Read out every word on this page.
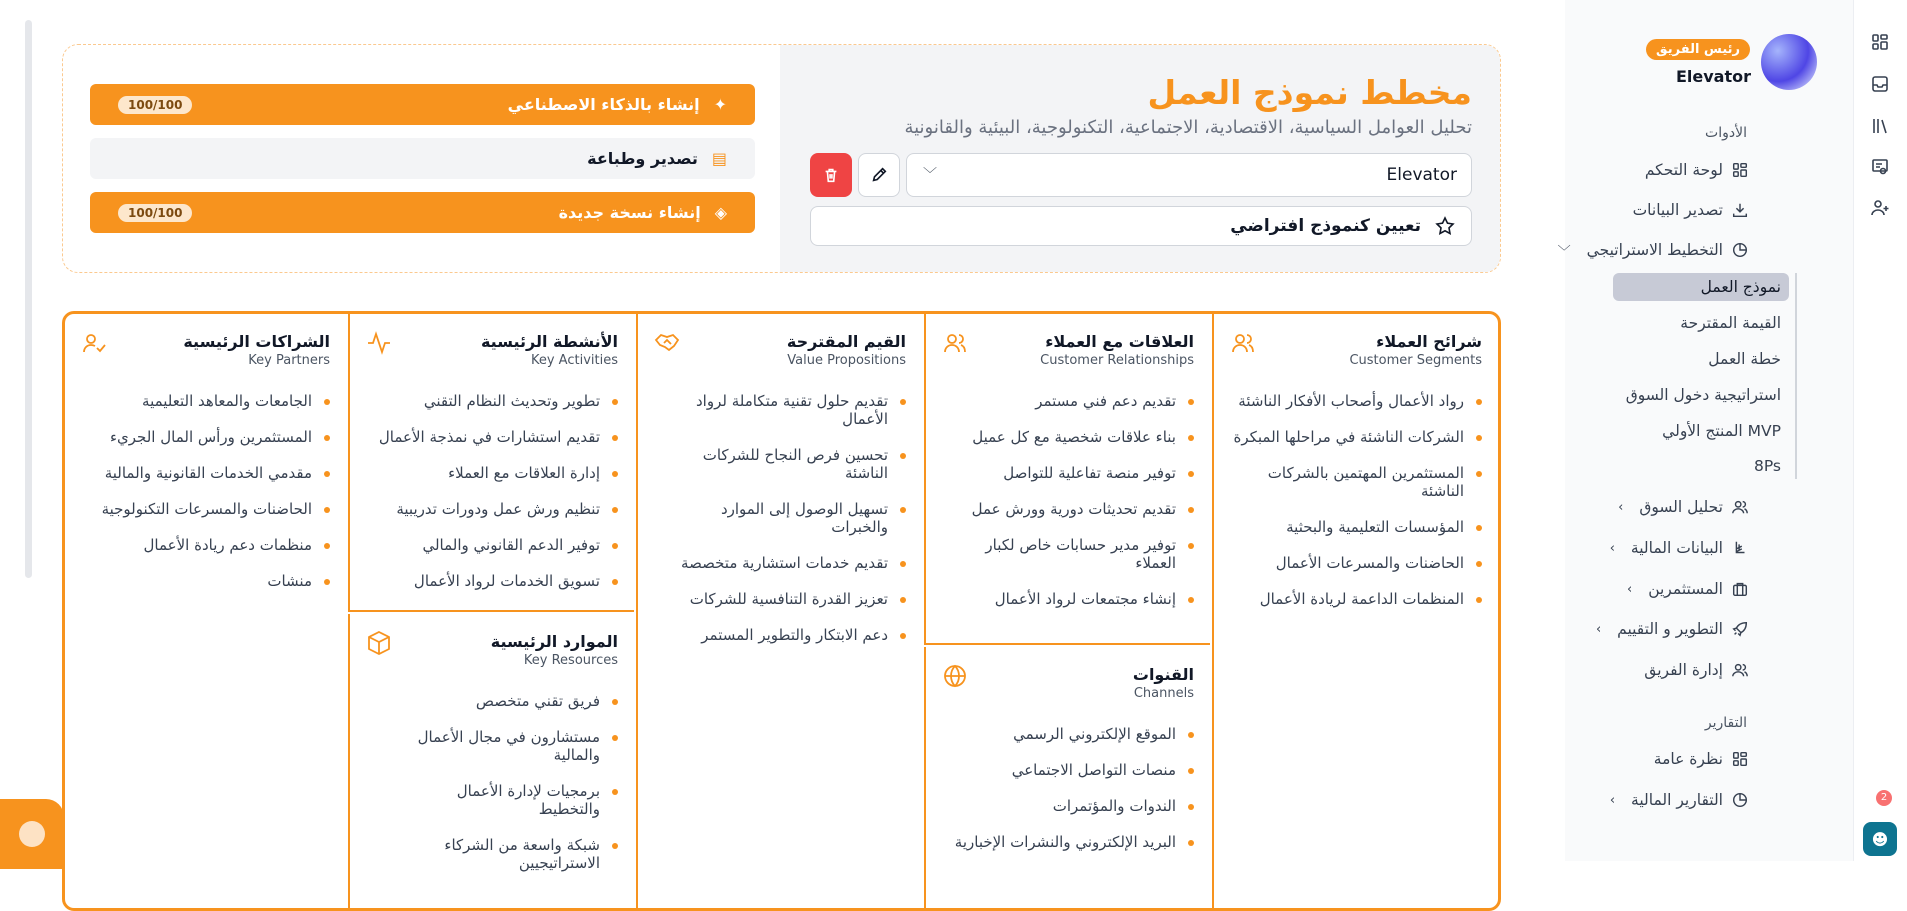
2
☻
رئيس الفريق
Elevator
الأدوات
لوحة التحكم
تصدير البيانات
﹀ التخطيط الاستراتيجي
نموذج العمل
القيمة المقترحة
خطة العمل
استراتيجية دخول السوق
المنتج الأولي MVP
8Ps
‹ تحليل السوق
‹ البيانات المالية
‹ المستثمرين
‹ التطوير و التقييم
إدارة الفريق
التقارير
نظرة عامة
‹ التقارير المالية
مخطط نموذج العمل
تحليل العوامل السياسية، الاقتصادية، الاجتماعية، التكنولوجية، البيئية والقانونية
Elevator
﹀
تعيين كنموذج افتراضي
100/100	إنشاء بالذكاء الاصطناعي ✦
تصدير وطباعة ▤
100/100	إنشاء نسخة جديدة ◈
شرائح العملاء
Customer Segments
رواد الأعمال وأصحاب الأفكار الناشئة
الشركات الناشئة في مراحلها المبكرة
المستثمرين المهتمين بالشركات الناشئة
المؤسسات التعليمية والبحثية
الحاضنات والمسرعات الأعمال
المنظمات الداعمة لريادة الأعمال
العلاقات مع العملاء
Customer Relationships
تقديم دعم فني مستمر
بناء علاقات شخصية مع كل عميل
توفير منصة تفاعلية للتواصل
تقديم تحديثات دورية وورش عمل
توفير مدير حسابات خاص لكبار العملاء
إنشاء مجتمعات لرواد الأعمال
القنوات
Channels
الموقع الإلكتروني الرسمي
منصات التواصل الاجتماعي
الندوات والمؤتمرات
البريد الإلكتروني والنشرات الإخبارية
القيم المقترحة
Value Propositions
تقديم حلول تقنية متكاملة لرواد الأعمال
تحسين فرص النجاح للشركات الناشئة
تسهيل الوصول إلى الموارد والخبرات
تقديم خدمات استشارية متخصصة
تعزيز القدرة التنافسية للشركات
دعم الابتكار والتطوير المستمر
الأنشطة الرئيسية
Key Activities
تطوير وتحديث النظام التقني
تقديم استشارات في نمذجة الأعمال
إدارة العلاقات مع العملاء
تنظيم ورش عمل ودورات تدريبية
توفير الدعم القانوني والمالي
تسويق الخدمات لرواد الأعمال
الموارد الرئيسية
Key Resources
فريق تقني متخصص
مستشارون في مجال الأعمال والمالية
برمجيات لإدارة الأعمال والتخطيط
شبكة واسعة من الشركاء الاستراتيجيين
الشراكات الرئيسية
Key Partners
الجامعات والمعاهد التعليمية
المستثمرين ورأس المال الجريء
مقدمي الخدمات القانونية والمالية
الحاضنات والمسرعات التكنولوجية
منظمات دعم ريادة الأعمال
منشات
